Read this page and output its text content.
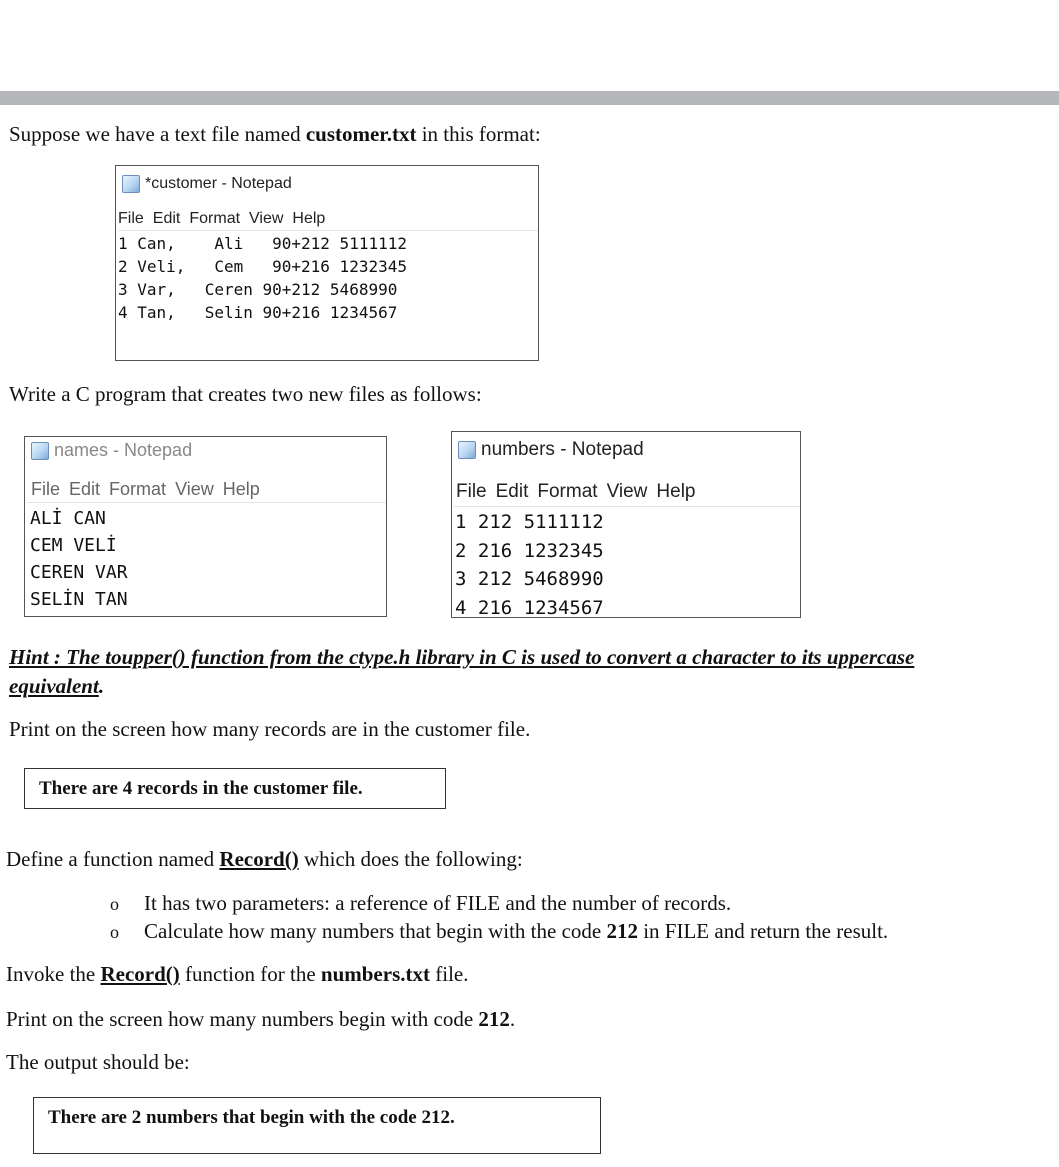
Suppose we have a text file named customer.txt in this format:
*customer - Notepad
File Edit Format View Help
1 Can,    Ali   90+212 5111112
2 Veli,   Cem   90+216 1232345
3 Var,   Ceren 90+212 5468990
4 Tan,   Selin 90+216 1234567
Write a C program that creates two new files as follows:
names - Notepad
File Edit Format View Help
ALİ CAN
CEM VELİ
CEREN VAR
SELİN TAN
numbers - Notepad
File Edit Format View Help
1 212 5111112
2 216 1232345
3 212 5468990
4 216 1234567
Hint : The toupper() function from the ctype.h library in C is used to convert a character to its uppercase equivalent.
Print on the screen how many records are in the customer file.
There are 4 records in the customer file.
Define a function named Record() which does the following:
o It has two parameters: a reference of FILE and the number of records.
o Calculate how many numbers that begin with the code 212 in FILE and return the result.
Invoke the Record() function for the numbers.txt file.
Print on the screen how many numbers begin with code 212.
The output should be:
There are 2 numbers that begin with the code 212.
